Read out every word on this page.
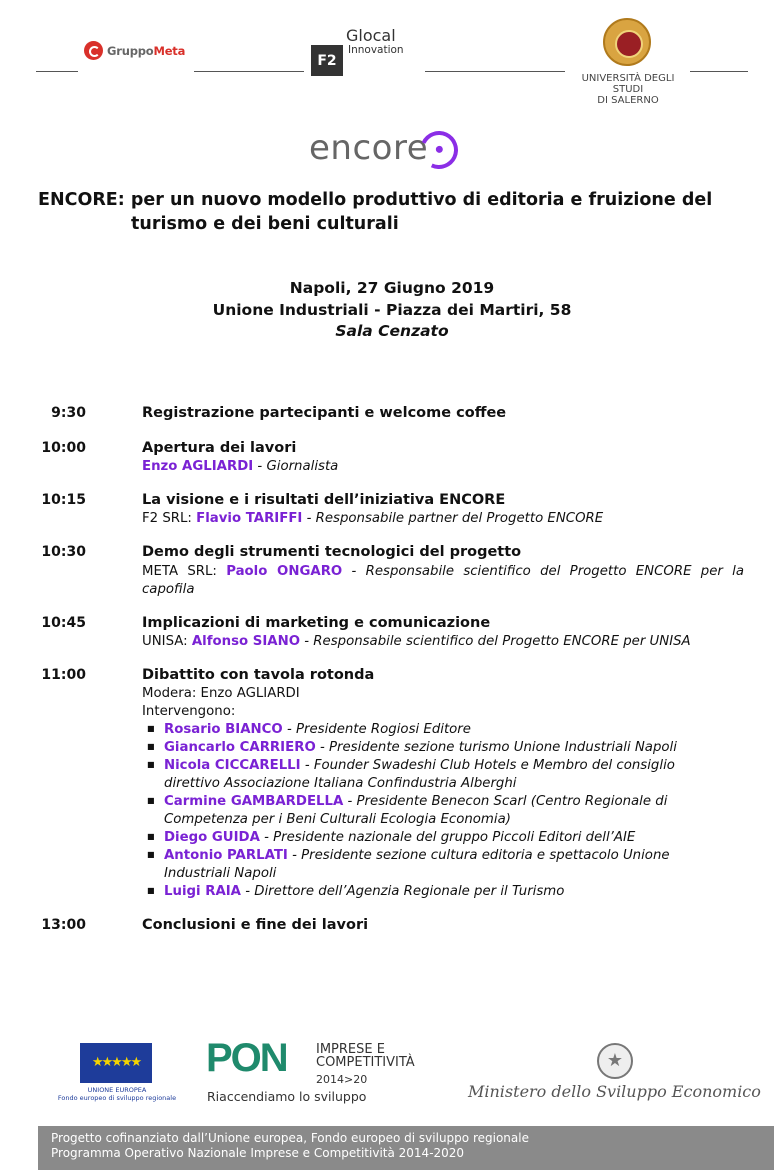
GruppoMeta
F2
Glocal
Innovation
UNIVERSITÀ DEGLI STUDI
DI SALERNO
encore
ENCORE: per un nuovo modello produttivo di editoria e fruizione del
turismo e dei beni culturali
Napoli, 27 Giugno 2019
Unione Industriali - Piazza dei Martiri, 58
Sala Cenzato
9:30	Registrazione partecipanti e welcome coffee
10:00	Apertura dei lavori
Enzo AGLIARDI - Giornalista
10:15	La visione e i risultati dell’iniziativa ENCORE
F2 SRL: Flavio TARIFFI - Responsabile partner del Progetto ENCORE
10:30	Demo degli strumenti tecnologici del progetto
META SRL: Paolo ONGARO - Responsabile scientifico del Progetto ENCORE per la capofila
10:45	Implicazioni di marketing e comunicazione
UNISA: Alfonso SIANO - Responsabile scientifico del Progetto ENCORE per UNISA
11:00	Dibattito con tavola rotonda
Modera: Enzo AGLIARDI
Intervengono:
■ Rosario BIANCO - Presidente Rogiosi Editore
■ Giancarlo CARRIERO - Presidente sezione turismo Unione Industriali Napoli
■ Nicola CICCARELLI - Founder Swadeshi Club Hotels e Membro del consiglio
direttivo Associazione Italiana Confindustria Alberghi
■ Carmine GAMBARDELLA - Presidente Benecon Scarl (Centro Regionale di
Competenza per i Beni Culturali Ecologia Economia)
■ Diego GUIDA - Presidente nazionale del gruppo Piccoli Editori dell’AIE
■ Antonio PARLATI - Presidente sezione cultura editoria e spettacolo Unione
Industriali Napoli
■ Luigi RAIA - Direttore dell’Agenzia Regionale per il Turismo
13:00	Conclusioni e fine dei lavori
★★★★★
UNIONE EUROPEA
Fondo europeo di sviluppo regionale
PON IMPRESE E
COMPETITIVITÀ
2014>20
Riaccendiamo lo sviluppo
★
Ministero dello Sviluppo Economico
Progetto cofinanziato dall’Unione europea, Fondo europeo di sviluppo regionale
Programma Operativo Nazionale Imprese e Competitività 2014-2020
